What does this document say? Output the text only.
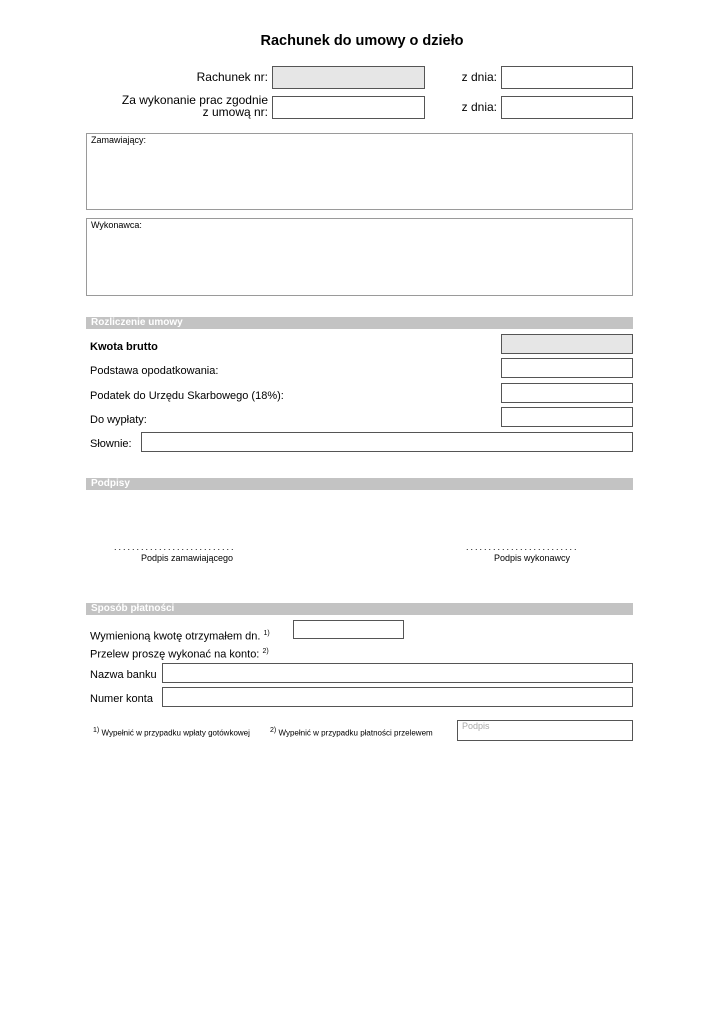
Rachunek do umowy o dzieło
Rachunek nr:	z dnia:
Za wykonanie prac zgodnie
z umową nr:	z dnia:
Zamawiający:
Wykonawca:
Rozliczenie umowy
Kwota brutto
Podstawa opodatkowania:
Podatek do Urzędu Skarbowego (18%):
Do wypłaty:
Słownie:
Podpisy
...........................
Podpis zamawiającego
.........................
Podpis wykonawcy
Sposób płatności
Wymienioną kwotę otrzymałem dn. $^{1)}$
Przelew proszę wykonać na konto: $^{2)}$
Nazwa banku
Numer konta
$^{1)}$ Wypełnić w przypadku wpłaty gotówkowej	$^{2)}$ Wypełnić w przypadku płatności przelewem
Podpis
